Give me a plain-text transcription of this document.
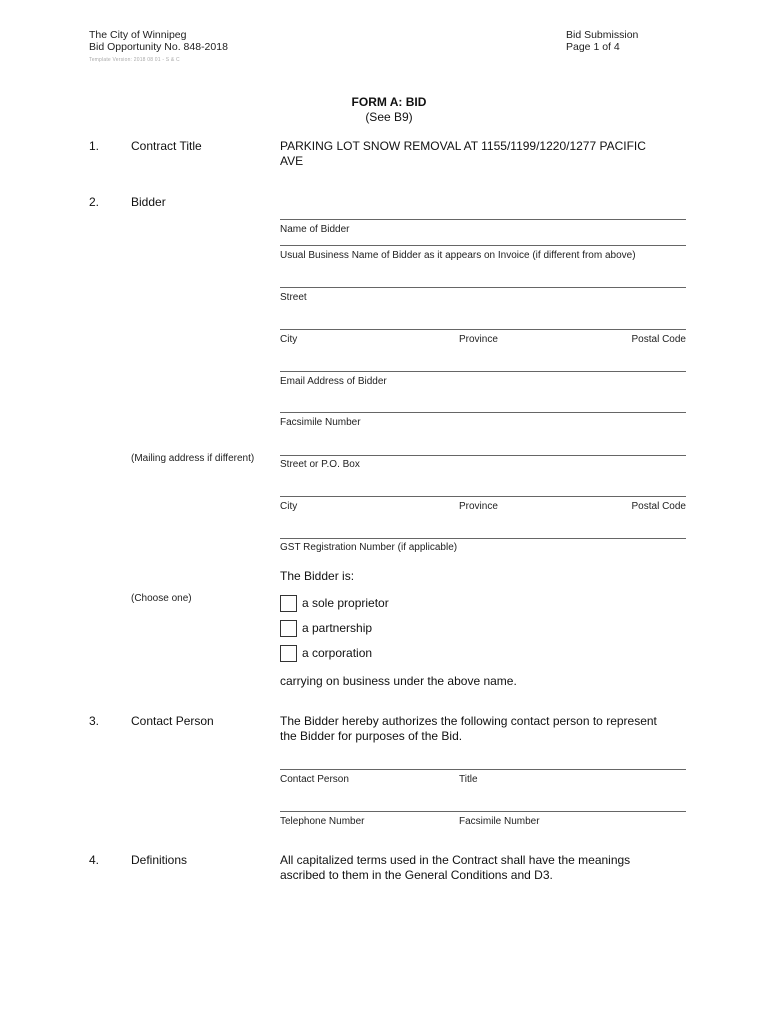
The City of Winnipeg
Bid Opportunity No. 848-2018
Template Version: 2018 08 01 - S & C
Bid Submission
Page 1 of 4
FORM A: BID
(See B9)
1.	Contract Title	PARKING LOT SNOW REMOVAL AT 1155/1199/1220/1277 PACIFIC
AVE
2.	Bidder
Name of Bidder
Usual Business Name of Bidder as it appears on Invoice (if different from above)
Street
City	Province	Postal Code
Email Address of Bidder
Facsimile Number
(Mailing address if different)
Street or P.O. Box
City	Province	Postal Code
GST Registration Number (if applicable)
The Bidder is:
(Choose one)	a sole proprietor
a partnership
a corporation
carrying on business under the above name.
3.	Contact Person	The Bidder hereby authorizes the following contact person to represent
the Bidder for purposes of the Bid.
Contact Person	Title
Telephone Number	Facsimile Number
4.	Definitions	All capitalized terms used in the Contract shall have the meanings
ascribed to them in the General Conditions and D3.
